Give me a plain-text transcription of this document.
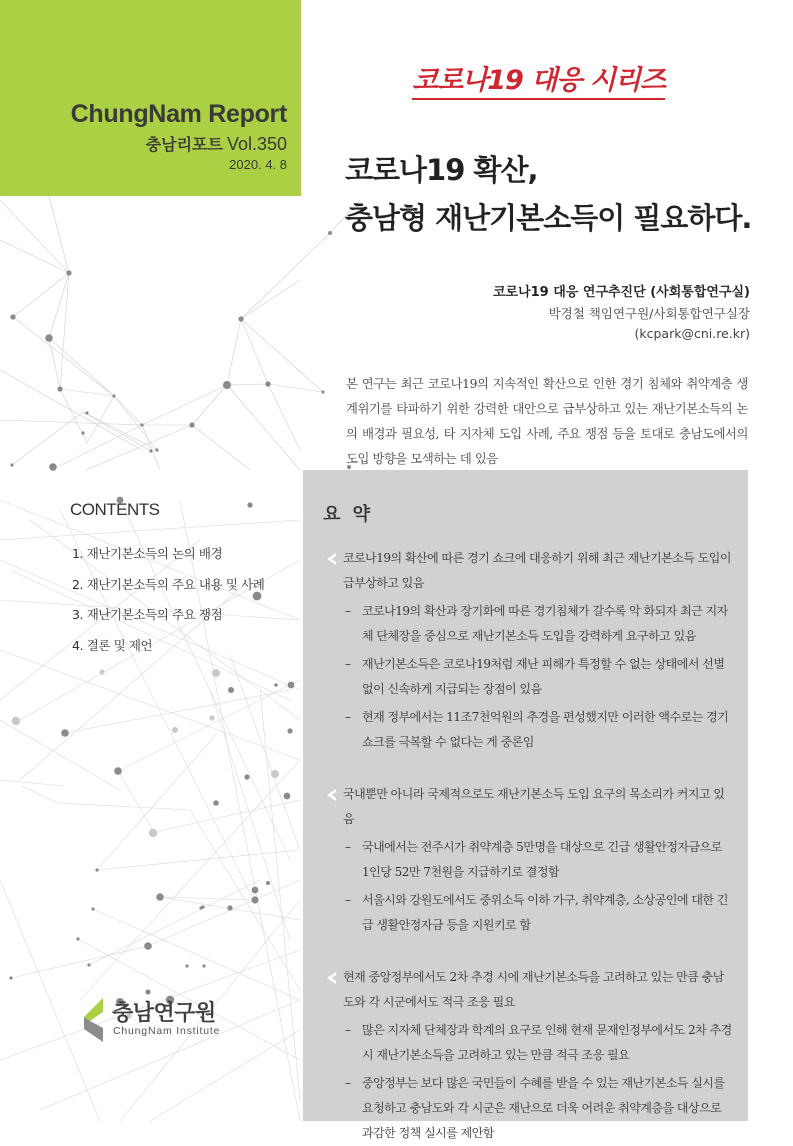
ChungNam Report
충남리포트 Vol.350
2020. 4. 8
코로나19 대응 시리즈
코로나19 확산,
충남형 재난기본소득이 필요하다.
코로나19 대응 연구추진단 (사회통합연구실)
박경철 책임연구원/사회통합연구실장
(kcpark@cni.re.kr)
본 연구는 최근 코로나19의 지속적인 확산으로 인한 경기 침체와 취약계층 생계위기를 타파하기 위한 강력한 대안으로 급부상하고 있는 재난기본소득의 논의 배경과 필요성, 타 지자체 도입 사례, 주요 쟁점 등을 토대로 충남도에서의 도입 방향을 모색하는 데 있음
CONTENTS
1. 재난기본소득의 논의 배경
2. 재난기본소득의 주요 내용 및 사례
3. 재난기본소득의 주요 쟁점
4. 결론 및 제언
요 약
코로나19의 확산에 따른 경기 쇼크에 대응하기 위해 최근 재난기본소득 도입이 급부상하고 있음
– 코로나19의 확산과 장기화에 따른 경기침체가 갈수록 악 화되자 최근 지자체 단체장을 중심으로 재난기본소득 도입을 강력하게 요구하고 있음
– 재난기본소득은 코로나19처럼 재난 피해가 특정할 수 없는 상태에서 선별 없이 신속하게 지급되는 장점이 있음
– 현재 정부에서는 11조7천억원의 추경을 편성했지만 이러한 액수로는 경기 쇼크를 극복할 수 없다는 게 중론임
국내뿐만 아니라 국제적으로도 재난기본소득 도입 요구의 목소리가 커지고 있음
– 국내에서는 전주시가 취약계층 5만명을 대상으로 긴급 생활안정자금으로 1인당 52만 7천원을 지급하기로 결정함
– 서울시와 강원도에서도 중위소득 이하 가구, 취약계층, 소상공인에 대한 긴급 생활안정자금 등을 지원키로 함
현재 중앙정부에서도 2차 추경 시에 재난기본소득을 고려하고 있는 만큼 충남도와 각 시군에서도 적극 조응 필요
– 많은 지자체 단체장과 학계의 요구로 인해 현재 문재인정부에서도 2차 추경 시 재난기본소득을 고려하고 있는 만큼 적극 조응 필요
– 중앙정부는 보다 많은 국민들이 수혜를 받을 수 있는 재난기본소득 실시를 요청하고 충남도와 각 시군은 재난으로 더욱 어려운 취약계층을 대상으로 과감한 정책 실시를 제안함
충남연구원
ChungNam Institute
